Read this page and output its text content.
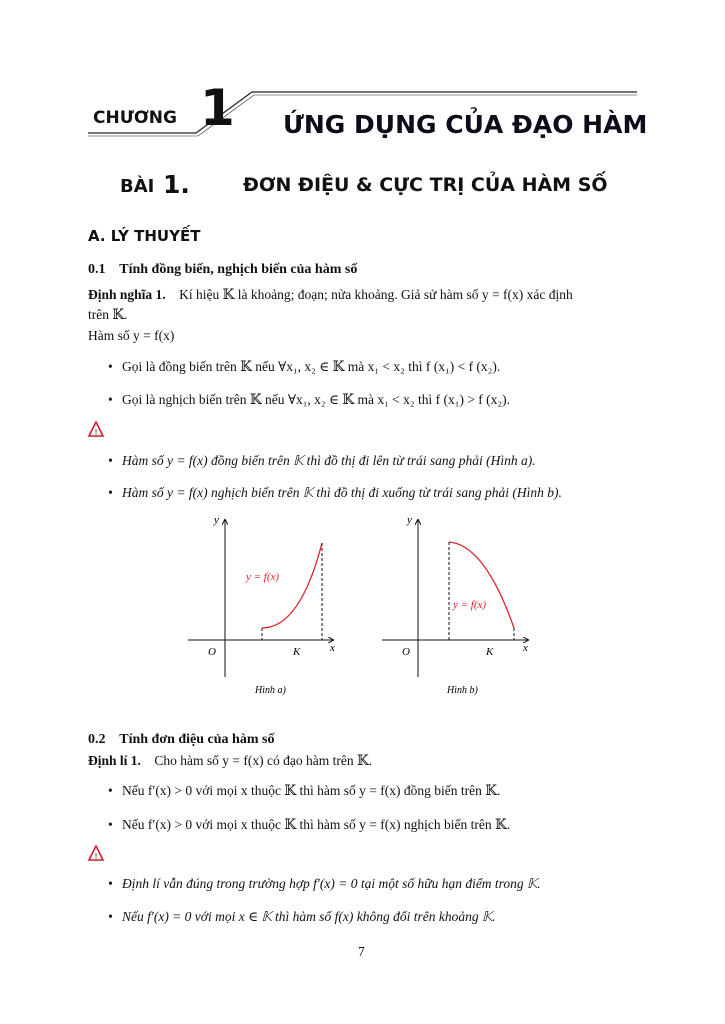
!
!
y
y = f(x)
O	K	x
Hình a)
y
y = f(x)
O	K	x
Hình b)
CHƯƠNG 1 ỨNG DỤNG CỦA ĐẠO HÀM
BÀI 1.	ĐƠN ĐIỆU & CỰC TRỊ CỦA HÀM SỐ
A. LÝ THUYẾT
0.1    Tính đồng biến, nghịch biến của hàm số
Định nghĩa 1. Kí hiệu 𝕂 là khoảng; đoạn; nửa khoảng. Giả sử hàm số y = f(x) xác định
trên 𝕂.
Hàm số y = f(x)
• Gọi là đồng biến trên 𝕂 nếu ∀x₁, x₂ ∈ 𝕂 mà x₁ < x₂ thì f (x₁) < f (x₂).
• Gọi là nghịch biến trên 𝕂 nếu ∀x₁, x₂ ∈ 𝕂 mà x₁ < x₂ thì f (x₁) > f (x₂).
• Hàm số y = f(x) đồng biến trên 𝕂 thì đồ thị đi lên từ trái sang phải (Hình a).
• Hàm số y = f(x) nghịch biến trên 𝕂 thì đồ thị đi xuống từ trái sang phải (Hình b).
0.2    Tính đơn điệu của hàm số
Định lí 1. Cho hàm số y = f(x) có đạo hàm trên 𝕂.
• Nếu f′(x) > 0 với mọi x thuộc 𝕂 thì hàm số y = f(x) đồng biến trên 𝕂.
• Nếu f′(x) > 0 với mọi x thuộc 𝕂 thì hàm số y = f(x) nghịch biến trên 𝕂.
• Định lí vẫn đúng trong trường hợp f′(x) = 0 tại một số hữu hạn điểm trong 𝕂.
• Nếu f′(x) = 0 với mọi x ∈ 𝕂 thì hàm số f(x) không đổi trên khoảng 𝕂.
7
